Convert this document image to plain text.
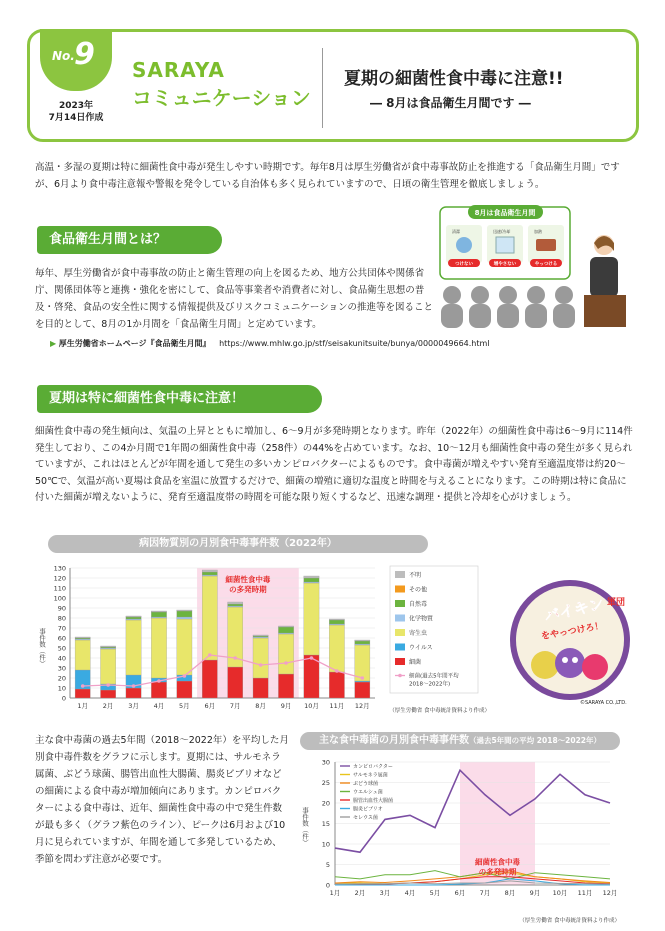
No. 9
2023年
7月14日作成
SARAYA
コミュニケーション
夏期の細菌性食中毒に注意!!
― 8月は食品衛生月間です ―
高温・多湿の夏期は特に細菌性食中毒が発生しやすい時期です。毎年8月は厚生労働省が食中毒事故防止を推進する「食品衛生月間」ですが、6月より食中毒注意報や警報を発令している自治体も多く見られていますので、日頃の衛生管理を徹底しましょう。
食品衛生月間とは？
毎年、厚生労働省が食中毒事故の防止と衛生管理の向上を図るため、地方公共団体や関係省庁、関係団体等と連携・強化を密にして、食品等事業者や消費者に対し、食品衛生思想の普及・啓発、食品の安全性に関する情報提供及びリスクコミュニケーションの推進等を図ることを目的として、8月の1か月間を「食品衛生月間」と定めています。
▶ 厚生労働省ホームページ『食品衛生月間』 https://www.mhlw.go.jp/stf/seisakunitsuite/bunya/0000049664.html
8月は食品衛生月間
清潔	迅速/冷却	加熱
つけない	増やさない	やっつける
夏期は特に細菌性食中毒に注意！
細菌性食中毒の発生傾向は、気温の上昇とともに増加し、6〜9月が多発時期となります。昨年（2022年）の細菌性食中毒は6〜9月に114件発生しており、この4か月間で1年間の細菌性食中毒（258件）の44%を占めています。なお、10〜12月も細菌性食中毒の発生が多く見られていますが、これはほとんどが年間を通して発生の多いカンピロバクターによるものです。食中毒菌が増えやすい発育至適温度帯は約20〜50℃で、気温が高い夏場は食品を室温に放置するだけで、細菌の増殖に適切な温度と時間を与えることになります。この時期は特に食品に付いた細菌が増えないように、発育至適温度帯の時間を可能な限り短くするなど、迅速な調理・提供と冷却を心がけましょう。
病因物質別の月別食中毒事件数（2022年）
0
10
20
30
40
50
60
70
80
90
100
110
120
130
事件数（件）
1月 2月 3月 4月 5月 6月 7月 8月 9月 10月 11月 12月
細菌性食中毒
の多発時期
不明
その他
自然毒
化学物質
寄生虫
ウイルス
細菌
細菌(過去5年間平均
2018〜2022年)
（厚生労働省 食中毒統計資料より作成）
バイキン 軍団
をやっつけろ！
©SARAYA CO.,LTD.
主な食中毒菌の過去5年間（2018〜2022年）を平均した月別食中毒件数をグラフに示します。夏期には、サルモネラ属菌、ぶどう球菌、腸管出血性大腸菌、腸炎ビブリオなどの細菌による食中毒が増加傾向にあります。カンピロバクターによる食中毒は、近年、細菌性食中毒の中で発生件数が最も多く（グラフ紫色のライン）、ピークは6月および10月に見られていますが、年間を通して多発しているため、季節を問わず注意が必要です。
主な食中毒菌の月別食中毒事件数（過去5年間の平均 2018〜2022年）
0
5
10
15
20
25
30
事件数（件）
1月 2月 3月 4月 5月 6月 7月 8月 9月 10月 11月 12月
細菌性食中毒
の多発時期
カンピロバクター
サルモネラ属菌
ぶどう球菌
ウエルシュ菌
腸管出血性大腸菌
腸炎ビブリオ
セレウス菌
（厚生労働省 食中毒統計資料より作成）
